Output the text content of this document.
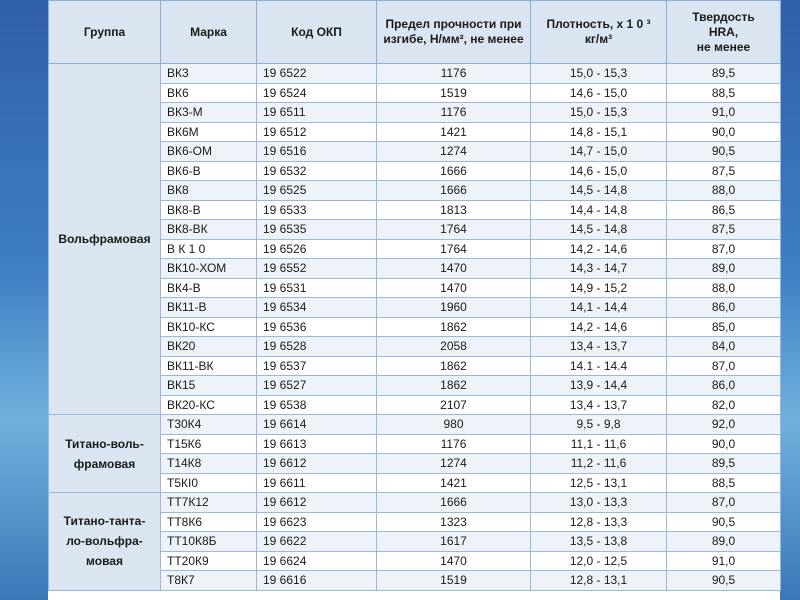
Группа	Марка	Код ОКП	Предел прочности при
изгибе, Н/мм², не менее	Плотность, x 1 0 ³
кг/м³	Твердость
HRA,
не менее
Вольфрамовая	ВК3	19 6522	1176	15,0 - 15,3	89,5
	ВК6	19 6524	1519	14,6 - 15,0	88,5
	ВК3-М	19 6511	1176	15,0 - 15,3	91,0
	ВК6М	19 6512	1421	14,8 - 15,1	90,0
	ВК6-ОМ	19 6516	1274	14,7 - 15,0	90,5
	ВК6-В	19 6532	1666	14,6 - 15,0	87,5
	ВК8	19 6525	1666	14,5 - 14,8	88,0
	ВК8-В	19 6533	1813	14,4 - 14,8	86,5
	ВК8-ВК	19 6535	1764	14,5 - 14,8	87,5
	В К 1 0	19 6526	1764	14,2 - 14,6	87,0
	ВК10-ХОМ	19 6552	1470	14,3 - 14,7	89,0
	ВК4-В	19 6531	1470	14,9 - 15,2	88,0
	ВК11-В	19 6534	1960	14,1 - 14,4	86,0
	ВК10-КС	19 6536	1862	14,2 - 14,6	85,0
	ВК20	19 6528	2058	13,4 - 13,7	84,0
	ВК11-ВК	19 6537	1862	14.1 - 14.4	87,0
	ВК15	19 6527	1862	13,9 - 14,4	86,0
	ВК20-КС	19 6538	2107	13,4 - 13,7	82,0
Титано-воль-
фрамовая	Т30К4	19 6614	980	9,5 - 9,8	92,0
	Т15К6	19 6613	1176	11,1 - 11,6	90,0
	Т14К8	19 6612	1274	11,2 - 11,6	89,5
	Т5КІ0	19 6611	1421	12,5 - 13,1	88,5
Титано-танта-
ло-вольфра-
мовая	ТТ7К12	19 6612	1666	13,0 - 13,3	87,0
	ТТ8К6	19 6623	1323	12,8 - 13,3	90,5
	ТТ10К8Б	19 6622	1617	13,5 - 13,8	89,0
	ТТ20К9	19 6624	1470	12,0 - 12,5	91,0
	Т8К7	19 6616	1519	12,8 - 13,1	90,5
